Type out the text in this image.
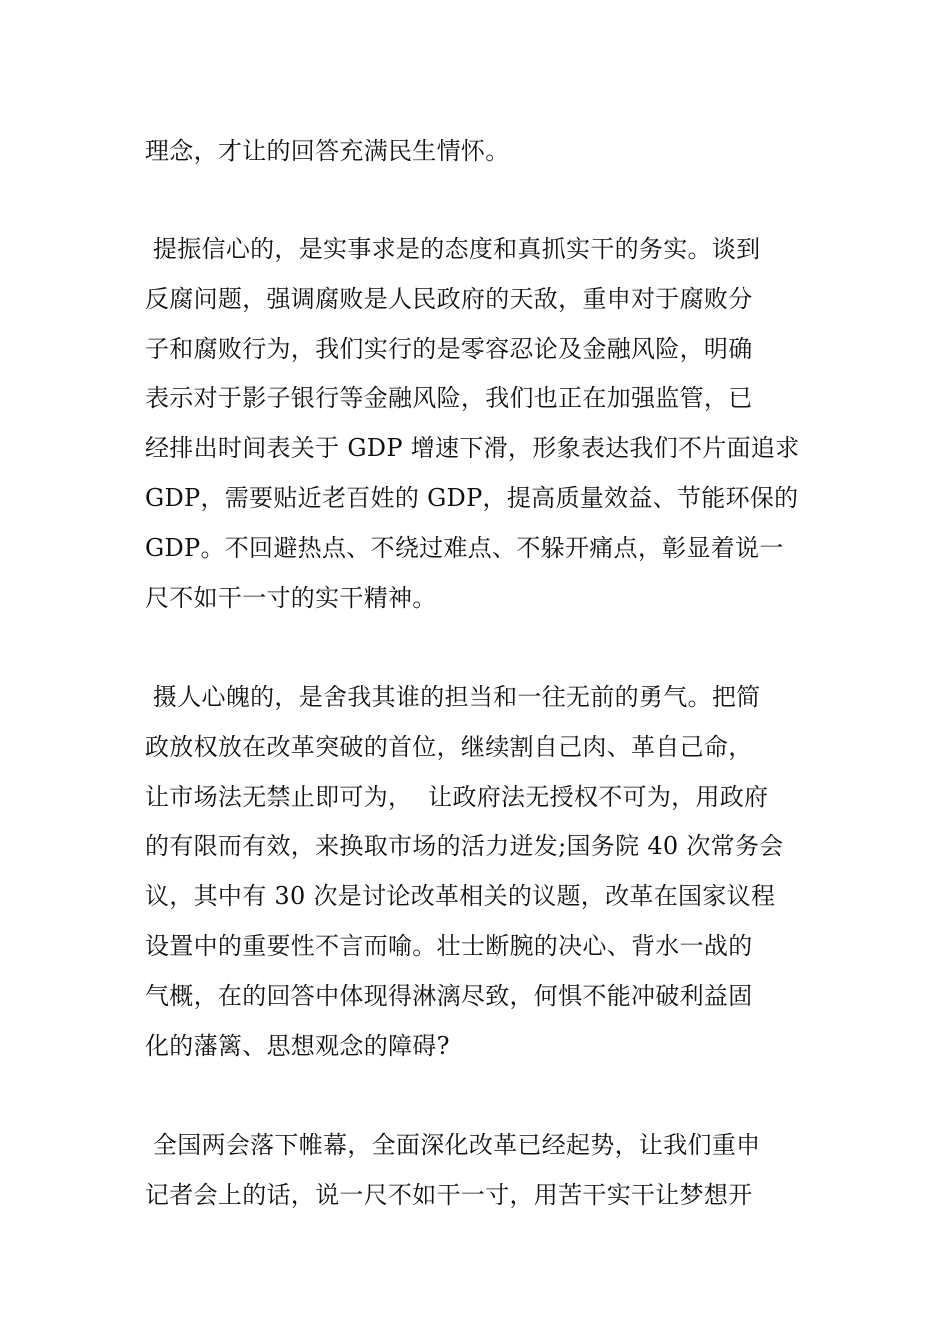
理念，才让的回答充满民生情怀。
提振信心的，是实事求是的态度和真抓实干的务实。谈到
反腐问题，强调腐败是人民政府的天敌，重申对于腐败分
子和腐败行为，我们实行的是零容忍论及金融风险，明确
表示对于影子银行等金融风险，我们也正在加强监管，已
经排出时间表关于 GDP 增速下滑，形象表达我们不片面追求
GDP，需要贴近老百姓的 GDP，提高质量效益、节能环保的
GDP。不回避热点、不绕过难点、不躲开痛点，彰显着说一
尺不如干一寸的实干精神。
摄人心魄的，是舍我其谁的担当和一往无前的勇气。把简
政放权放在改革突破的首位，继续割自己肉、革自己命，
让市场法无禁止即可为，  让政府法无授权不可为，用政府
的有限而有效，来换取市场的活力迸发;国务院 40 次常务会
议，其中有 30 次是讨论改革相关的议题，改革在国家议程
设置中的重要性不言而喻。壮士断腕的决心、背水一战的
气概，在的回答中体现得淋漓尽致，何惧不能冲破利益固
化的藩篱、思想观念的障碍?
全国两会落下帷幕，全面深化改革已经起势，让我们重申
记者会上的话，说一尺不如干一寸，用苦干实干让梦想开
